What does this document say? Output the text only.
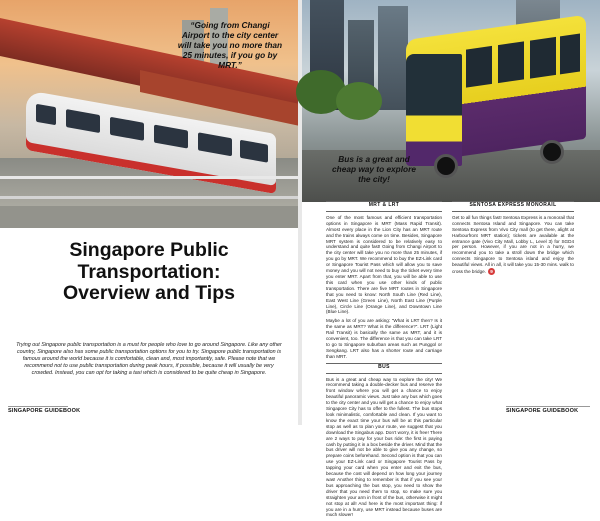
“Going from Changi Airport to the city center will take you no more than 25 minutes, if you go by MRT.”
Singapore Public
Transportation:
Overview and Tips
Trying out Singapore public transportation is a must for people who love to go around Singapore. Like any other country, Singapore also has some public transportation options for you to try. Singapore public transportation is famous around the world because it is comfortable, clean and, most importantly, safe. Please note that we recommend not to use public transportation during peak hours, if possible, because it will usually be very crowded. Instead, you can opt for taking a taxi which is considered to be quite cheap in Singapore.
SINGAPORE GUIDEBOOK
Bus is a great and cheap way to explore the city!
MRT & LRT
One of the most famous and efficient transportation options in Singapore is MRT (Mass Rapid Transit). Almost every place in the Lion City has an MRT route and the trains always come on time. Besides, Singapore MRT system is considered to be relatively easy to understand and quite fast! Going from Changi Airport to the city center will take you no more than 25 minutes, if you go by MRT. We recommend to buy the EZ-Link card or Singapore Tourist Pass which will allow you to save money and you will not need to buy the ticket every time you enter MRT. Apart from that, you will be able to use this card when you use other kinds of public transportation. There are five MRT routes in Singapore that you need to know: North South Line (Red Line), East West Line (Green Line), North East Line (Purple Line), Circle Line (Orange Line), and Downtown Line (Blue Line).
Maybe a lot of you are asking: “What is LRT then? Is it the same as MRT? What is the difference?”. LRT (Light Rail Transit) is basically the same as MRT, and it is convenient, too. The difference is that you can take LRT to go to Singapore suburban areas such as Punggol or Sengkang. LRT also has a shorter route and carriage than MRT.
BUS
Bus is a great and cheap way to explore the city! We recommend taking a double-decker bus and reserve the front window where you will get a chance to enjoy beautiful panoramic views. Just take any bus which goes to the city center and you will get a chance to enjoy what Singapore City has to offer to the fullest. The bus stops look minimalistic, comfortable and clean. If you want to know the exact time your bus will be at this particular stop as well as to plan your route, we suggest that you download the Singabus app. Don’t worry, it is free! There are 2 ways to pay for your bus ride: the first is paying cash by putting it in a box beside the driver. Mind that the bus driver will not be able to give you any change, so prepare coins beforehand. Second option is that you can use your EZ-Link card or Singapore Tourist Pass by tapping your card when you enter and exit the bus, because the cost will depend on how long your journey was! Another thing to remember is that if you see your bus approaching the bus stop, you need to show the driver that you need them to stop, so make sure you straighten your arm in front of the bus, otherwise it might not stop at all! And here is the most important thing: if you are in a hurry, use MRT instead because buses are much slower!
SENTOSA EXPRESS MONORAIL
Get to all fun things fast! Sentosa Express is a monorail that connects Sentosa Island and Singapore. You can take Sentosa Express from Vivo City mall (to get there, alight at Harbourfront MRT station); tickets are available at the entrance gate (Vivo City Mall, Lobby L, Level 3) for SGD4 per person. However, if you are not in a hurry, we recommend you to take a stroll down the bridge which connects Singapore to Sentosa island and enjoy the beautiful views. All in all, it will take you 15-30 mins. walk to cross the bridge. 9
SINGAPORE GUIDEBOOK
